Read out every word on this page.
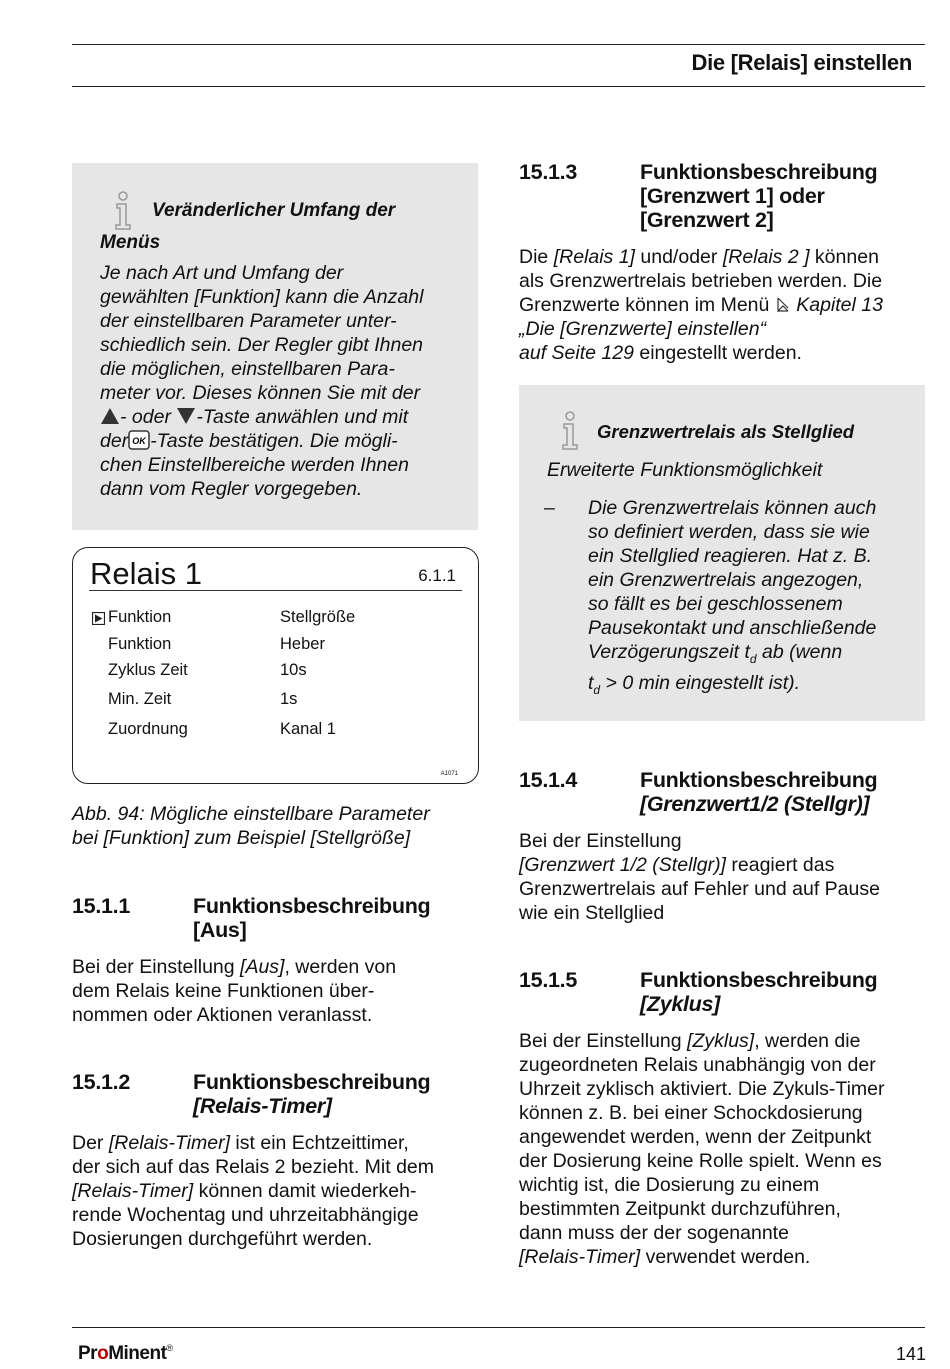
Die [Relais] einstellen
Veränderlicher Umfang der
Menüs

Je nach Art und Umfang der

gewählten [Funktion] kann die Anzahl

der einstellbaren Parameter unter-

schiedlich sein. Der Regler gibt Ihnen

die möglichen, einstellbaren Para-

meter vor. Dieses können Sie mit der

- oder -Taste anwählen und mit

der OK -Taste bestätigen. Die mögli-

chen Einstellbereiche werden Ihnen

dann vom Regler vorgegeben.

Relais 1	6.1.1
Funktion	Stellgröße
Funktion	Heber
Zyklus Zeit	10s
Min. Zeit	1s
Zuordnung	Kanal 1
A1071

Abb. 94: Mögliche einstellbare Parameter

bei [Funktion] zum Beispiel [Stellgröße]

15.1.1	Funktionsbeschreibung
[Aus]

Bei der Einstellung [Aus], werden von

dem Relais keine Funktionen über-

nommen oder Aktionen veranlasst.

15.1.2	Funktionsbeschreibung
[Relais-Timer]

Der [Relais-Timer] ist ein Echtzeittimer,

der sich auf das Relais 2 bezieht. Mit dem

[Relais-Timer] können damit wiederkeh-

rende Wochentag und uhrzeitabhängige

Dosierungen durchgeführt werden.

15.1.3	Funktionsbeschreibung
[Grenzwert 1] oder
[Grenzwert 2]

Die [Relais 1] und/oder [Relais 2 ] können

als Grenzwertrelais betrieben werden. Die

Grenzwerte können im Menü  Kapitel 13

„Die [Grenzwerte] einstellen“

auf Seite 129 eingestellt werden.

Grenzwertrelais als Stellglied
Erweiterte Funktionsmöglichkeit
– Die Grenzwertrelais können auch

so definiert werden, dass sie wie

ein Stellglied reagieren. Hat z. B.

ein Grenzwertrelais angezogen,

so fällt es bei geschlossenem

Pausekontakt und anschließende

Verzögerungszeit $t_d$ ab (wenn

$t_d > 0$ min eingestellt ist).

15.1.4	Funktionsbeschreibung
[Grenzwert1/2 (Stellgr)]

Bei der Einstellung

[Grenzwert 1/2 (Stellgr)] reagiert das

Grenzwertrelais auf Fehler und auf Pause

wie ein Stellglied

15.1.5	Funktionsbeschreibung
[Zyklus]

Bei der Einstellung [Zyklus], werden die

zugeordneten Relais unabhängig von der

Uhrzeit zyklisch aktiviert. Die Zykuls-Timer

können z. B. bei einer Schockdosierung

angewendet werden, wenn der Zeitpunkt

der Dosierung keine Rolle spielt. Wenn es

wichtig ist, die Dosierung zu einem

bestimmten Zeitpunkt durchzuführen,

dann muss der der sogenannte

[Relais-Timer] verwendet werden.

ProMinent®	141
